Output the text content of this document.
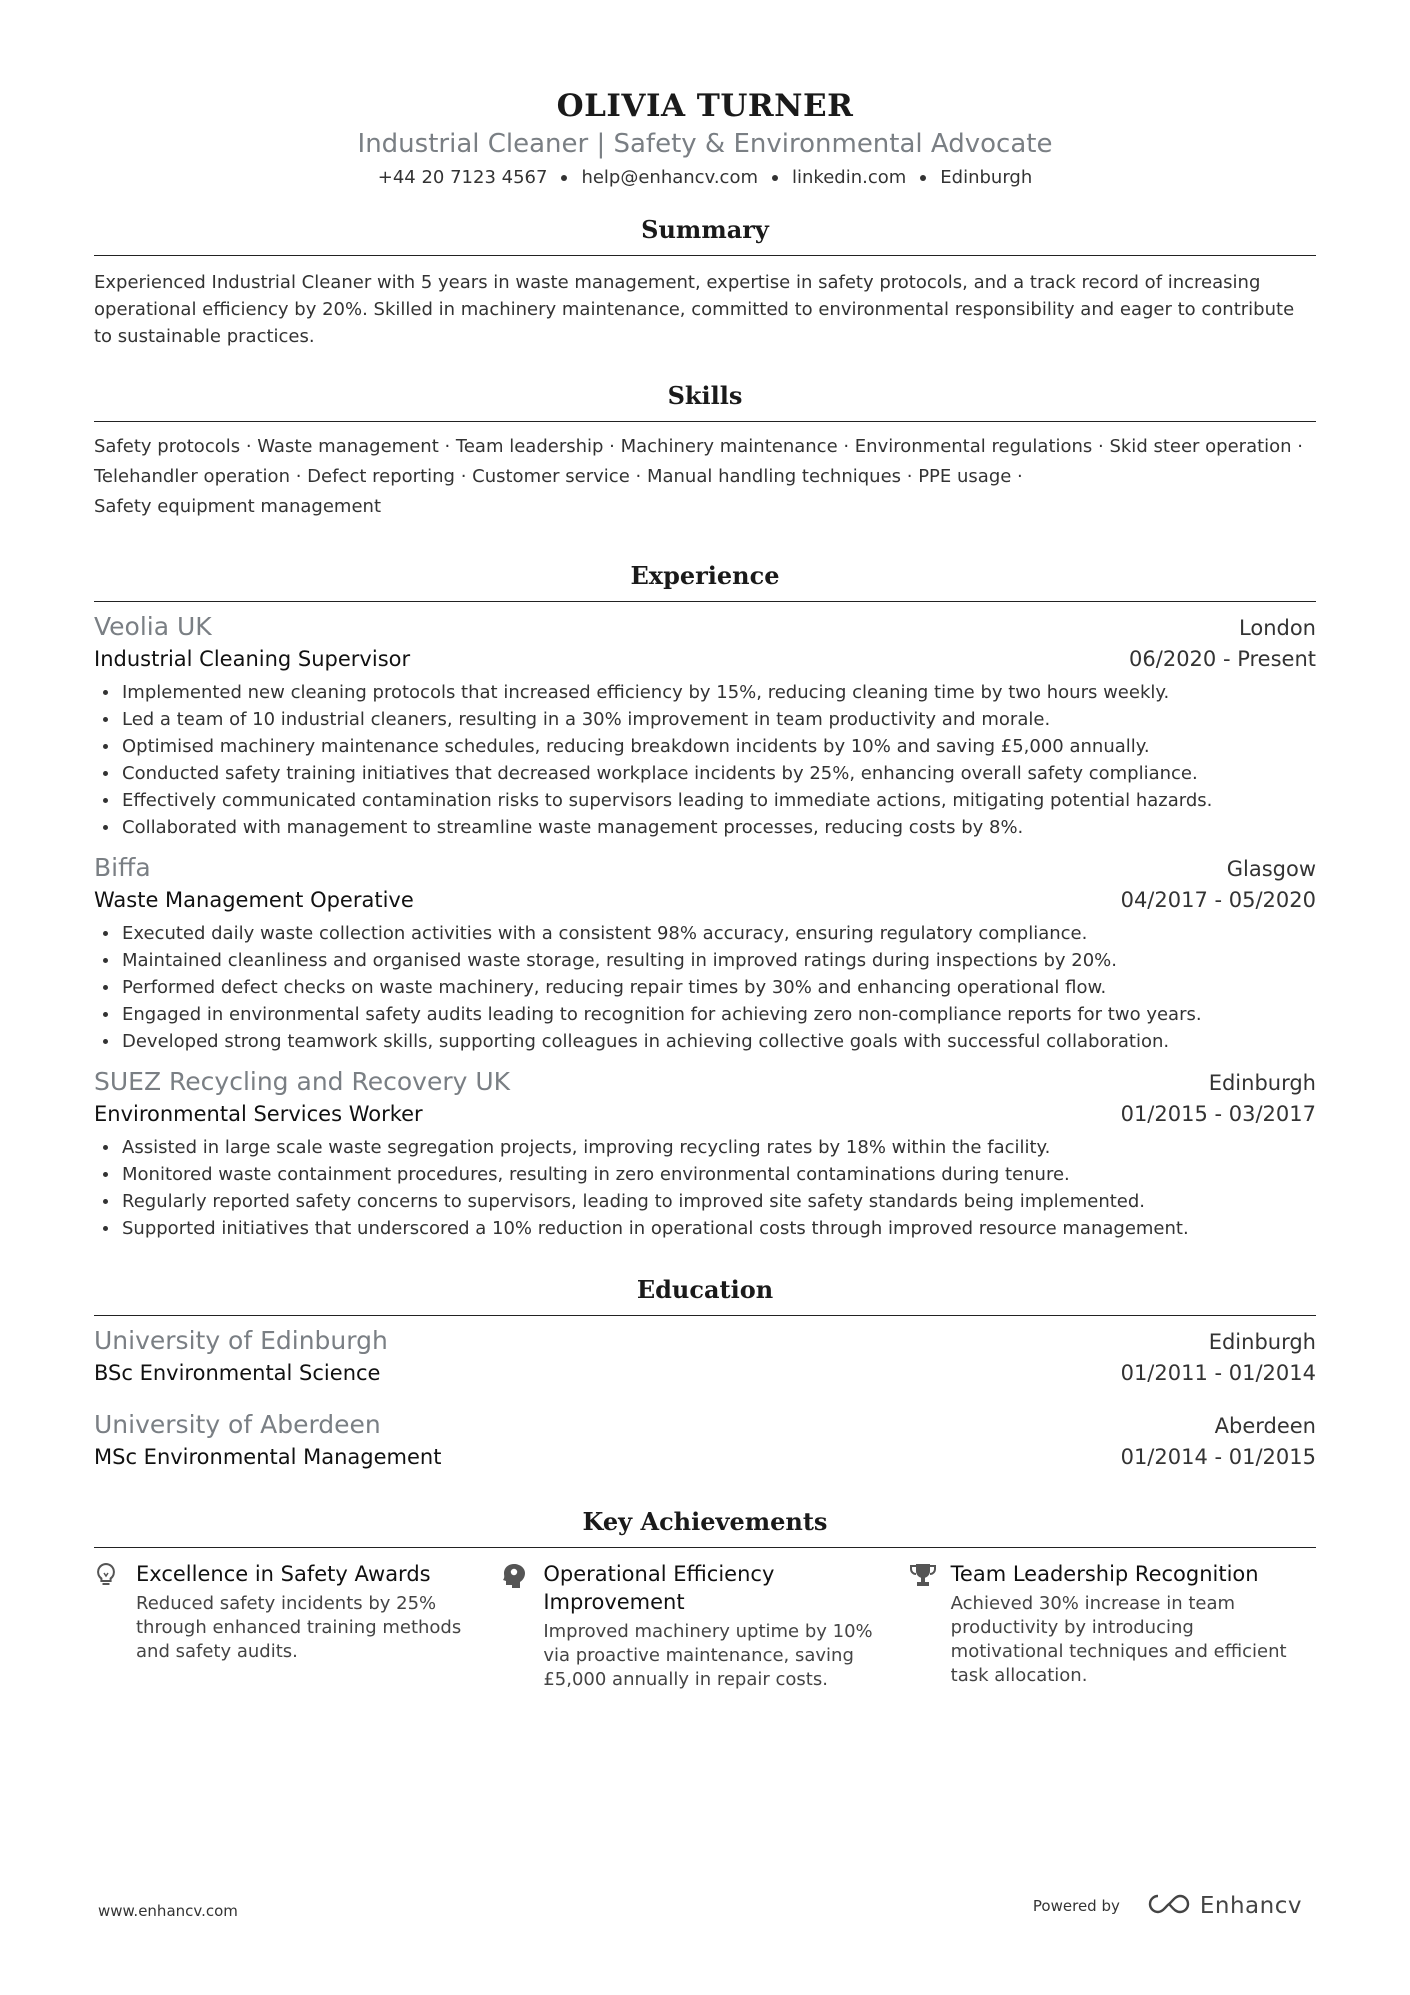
OLIVIA TURNER
Industrial Cleaner | Safety & Environmental Advocate
+44 20 7123 4567 help@enhancv.com linkedin.com Edinburgh
Summary
Experienced Industrial Cleaner with 5 years in waste management, expertise in safety protocols, and a track record of increasing operational efficiency by 20%. Skilled in machinery maintenance, committed to environmental responsibility and eager to contribute to sustainable practices.
Skills
Safety protocols · Waste management · Team leadership · Machinery maintenance · Environmental regulations · Skid steer operation ·
Telehandler operation · Defect reporting · Customer service · Manual handling techniques · PPE usage ·
Safety equipment management
Experience
Veolia UK	London
Industrial Cleaning Supervisor	06/2020 - Present
Implemented new cleaning protocols that increased efficiency by 15%, reducing cleaning time by two hours weekly.
Led a team of 10 industrial cleaners, resulting in a 30% improvement in team productivity and morale.
Optimised machinery maintenance schedules, reducing breakdown incidents by 10% and saving £5,000 annually.
Conducted safety training initiatives that decreased workplace incidents by 25%, enhancing overall safety compliance.
Effectively communicated contamination risks to supervisors leading to immediate actions, mitigating potential hazards.
Collaborated with management to streamline waste management processes, reducing costs by 8%.
Biffa	Glasgow
Waste Management Operative	04/2017 - 05/2020
Executed daily waste collection activities with a consistent 98% accuracy, ensuring regulatory compliance.
Maintained cleanliness and organised waste storage, resulting in improved ratings during inspections by 20%.
Performed defect checks on waste machinery, reducing repair times by 30% and enhancing operational flow.
Engaged in environmental safety audits leading to recognition for achieving zero non-compliance reports for two years.
Developed strong teamwork skills, supporting colleagues in achieving collective goals with successful collaboration.
SUEZ Recycling and Recovery UK	Edinburgh
Environmental Services Worker	01/2015 - 03/2017
Assisted in large scale waste segregation projects, improving recycling rates by 18% within the facility.
Monitored waste containment procedures, resulting in zero environmental contaminations during tenure.
Regularly reported safety concerns to supervisors, leading to improved site safety standards being implemented.
Supported initiatives that underscored a 10% reduction in operational costs through improved resource management.
Education
University of Edinburgh	Edinburgh
BSc Environmental Science	01/2011 - 01/2014
University of Aberdeen	Aberdeen
MSc Environmental Management	01/2014 - 01/2015
Key Achievements
Excellence in Safety Awards
Reduced safety incidents by 25% through enhanced training methods and safety audits.
Operational Efficiency Improvement
Improved machinery uptime by 10% via proactive maintenance, saving £5,000 annually in repair costs.
Team Leadership Recognition
Achieved 30% increase in team productivity by introducing motivational techniques and efficient task allocation.
www.enhancv.com	Powered by	Enhancv
